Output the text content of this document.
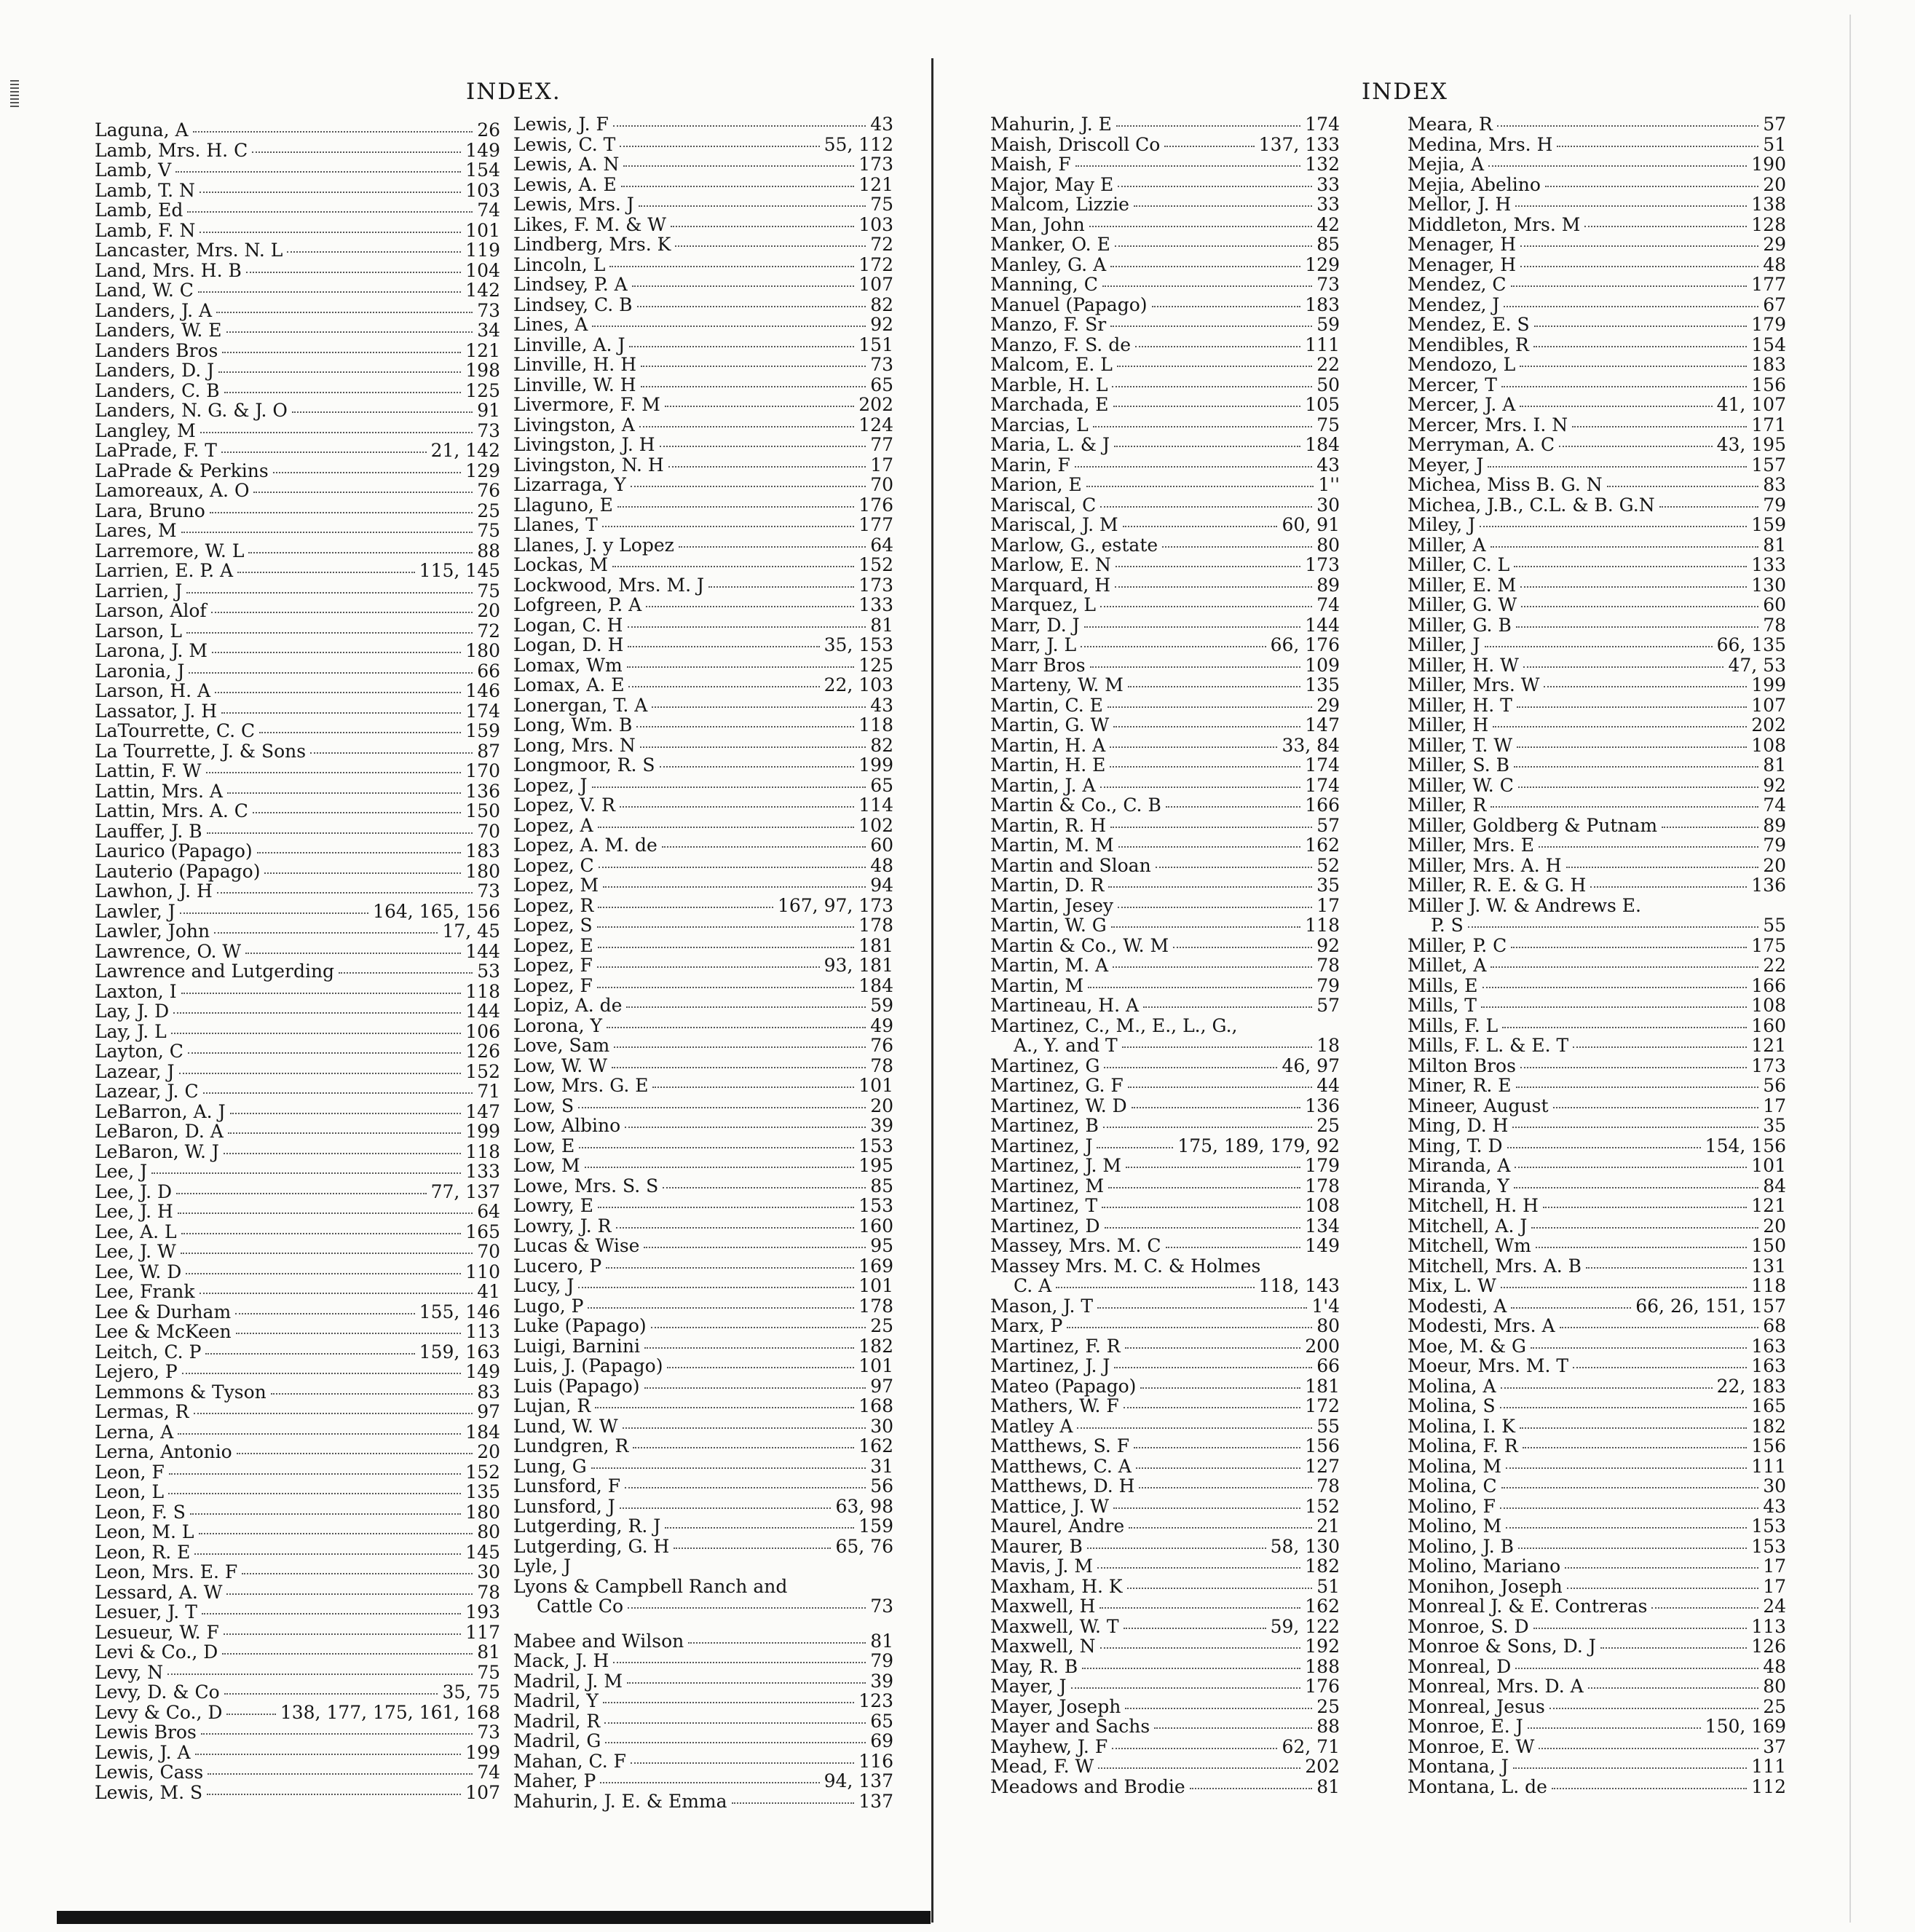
INDEX.	INDEX
Laguna, A	26
Lamb, Mrs. H. C	149
Lamb, V	154
Lamb, T. N	103
Lamb, Ed	74
Lamb, F. N	101
Lancaster, Mrs. N. L	119
Land, Mrs. H. B	104
Land, W. C	142
Landers, J. A	73
Landers, W. E	34
Landers Bros	121
Landers, D. J	198
Landers, C. B	125
Landers, N. G. & J. O	91
Langley, M	73
LaPrade, F. T	21, 142
LaPrade & Perkins	129
Lamoreaux, A. O	76
Lara, Bruno	25
Lares, M	75
Larremore, W. L	88
Larrien, E. P. A	115, 145
Larrien, J	75
Larson, Alof	20
Larson, L	72
Larona, J. M	180
Laronia, J	66
Larson, H. A	146
Lassator, J. H	174
LaTourrette, C. C	159
La Tourrette, J. & Sons	87
Lattin, F. W	170
Lattin, Mrs. A	136
Lattin, Mrs. A. C	150
Lauffer, J. B	70
Laurico (Papago)	183
Lauterio (Papago)	180
Lawhon, J. H	73
Lawler, J	164, 165, 156
Lawler, John	17, 45
Lawrence, O. W	144
Lawrence and Lutgerding	53
Laxton, I	118
Lay, J. D	144
Lay, J. L	106
Layton, C	126
Lazear, J	152
Lazear, J. C	71
LeBarron, A. J	147
LeBaron, D. A	199
LeBaron, W. J	118
Lee, J	133
Lee, J. D	77, 137
Lee, J. H	64
Lee, A. L	165
Lee, J. W	70
Lee, W. D	110
Lee, Frank	41
Lee & Durham	155, 146
Lee & McKeen	113
Leitch, C. P	159, 163
Lejero, P	149
Lemmons & Tyson	83
Lermas, R	97
Lerna, A	184
Lerna, Antonio	20
Leon, F	152
Leon, L	135
Leon, F. S	180
Leon, M. L	80
Leon, R. E	145
Leon, Mrs. E. F	30
Lessard, A. W	78
Lesuer, J. T	193
Lesueur, W. F	117
Levi & Co., D	81
Levy, N	75
Levy, D. & Co	35, 75
Levy & Co., D	138, 177, 175, 161, 168
Lewis Bros	73
Lewis, J. A	199
Lewis, Cass	74
Lewis, M. S	107
Lewis, J. F	43
Lewis, C. T	55, 112
Lewis, A. N	173
Lewis, A. E	121
Lewis, Mrs. J	75
Likes, F. M. & W	103
Lindberg, Mrs. K	72
Lincoln, L	172
Lindsey, P. A	107
Lindsey, C. B	82
Lines, A	92
Linville, A. J	151
Linville, H. H	73
Linville, W. H	65
Livermore, F. M	202
Livingston, A	124
Livingston, J. H	77
Livingston, N. H	17
Lizarraga, Y	70
Llaguno, E	176
Llanes, T	177
Llanes, J. y Lopez	64
Lockas, M	152
Lockwood, Mrs. M. J	173
Lofgreen, P. A	133
Logan, C. H	81
Logan, D. H	35, 153
Lomax, Wm	125
Lomax, A. E	22, 103
Lonergan, T. A	43
Long, Wm. B	118
Long, Mrs. N	82
Longmoor, R. S	199
Lopez, J	65
Lopez, V. R	114
Lopez, A	102
Lopez, A. M. de	60
Lopez, C	48
Lopez, M	94
Lopez, R	167, 97, 173
Lopez, S	178
Lopez, E	181
Lopez, F	93, 181
Lopez, F	184
Lopiz, A. de	59
Lorona, Y	49
Love, Sam	76
Low, W. W	78
Low, Mrs. G. E	101
Low, S	20
Low, Albino	39
Low, E	153
Low, M	195
Lowe, Mrs. S. S	85
Lowry, E	153
Lowry, J. R	160
Lucas & Wise	95
Lucero, P	169
Lucy, J	101
Lugo, P	178
Luke (Papago)	25
Luigi, Barnini	182
Luis, J. (Papago)	101
Luis (Papago)	97
Lujan, R	168
Lund, W. W	30
Lundgren, R	162
Lung, G	31
Lunsford, F	56
Lunsford, J	63, 98
Lutgerding, R. J	159
Lutgerding, G. H	65, 76
Lyle, J
Lyons & Campbell Ranch and
Cattle Co	73
Mabee and Wilson	81
Mack, J. H	79
Madril, J. M	39
Madril, Y	123
Madril, R	65
Madril, G	69
Mahan, C. F	116
Maher, P	94, 137
Mahurin, J. E. & Emma	137
Mahurin, J. E	174
Maish, Driscoll Co	137, 133
Maish, F	132
Major, May E	33
Malcom, Lizzie	33
Man, John	42
Manker, O. E	85
Manley, G. A	129
Manning, C	73
Manuel (Papago)	183
Manzo, F. Sr	59
Manzo, F. S. de	111
Malcom, E. L	22
Marble, H. L	50
Marchada, E	105
Marcias, L	75
Maria, L. & J	184
Marin, F	43
Marion, E	1''
Mariscal, C	30
Mariscal, J. M	60, 91
Marlow, G., estate	80
Marlow, E. N	173
Marquard, H	89
Marquez, L	74
Marr, D. J	144
Marr, J. L	66, 176
Marr Bros	109
Marteny, W. M	135
Martin, C. E	29
Martin, G. W	147
Martin, H. A	33, 84
Martin, H. E	174
Martin, J. A	174
Martin & Co., C. B	166
Martin, R. H	57
Martin, M. M	162
Martin and Sloan	52
Martin, D. R	35
Martin, Jesey	17
Martin, W. G	118
Martin & Co., W. M	92
Martin, M. A	78
Martin, M	79
Martineau, H. A	57
Martinez, C., M., E., L., G.,
A., Y. and T	18
Martinez, G	46, 97
Martinez, G. F	44
Martinez, W. D	136
Martinez, B	25
Martinez, J	175, 189, 179, 92
Martinez, J. M	179
Martinez, M	178
Martinez, T	108
Martinez, D	134
Massey, Mrs. M. C	149
Massey Mrs. M. C. & Holmes
C. A	118, 143
Mason, J. T	1'4
Marx, P	80
Martinez, F. R	200
Martinez, J. J	66
Mateo (Papago)	181
Mathers, W. F	172
Matley A	55
Matthews, S. F	156
Matthews, C. A	127
Matthews, D. H	78
Mattice, J. W	152
Maurel, Andre	21
Maurer, B	58, 130
Mavis, J. M	182
Maxham, H. K	51
Maxwell, H	162
Maxwell, W. T	59, 122
Maxwell, N	192
May, R. B	188
Mayer, J	176
Mayer, Joseph	25
Mayer and Sachs	88
Mayhew, J. F	62, 71
Mead, F. W	202
Meadows and Brodie	81
Meara, R	57
Medina, Mrs. H	51
Mejia, A	190
Mejia, Abelino	20
Mellor, J. H	138
Middleton, Mrs. M	128
Menager, H	29
Menager, H	48
Mendez, C	177
Mendez, J	67
Mendez, E. S	179
Mendibles, R	154
Mendozo, L	183
Mercer, T	156
Mercer, J. A	41, 107
Mercer, Mrs. I. N	171
Merryman, A. C	43, 195
Meyer, J	157
Michea, Miss B. G. N	83
Michea, J.B., C.L. & B. G.N	79
Miley, J	159
Miller, A	81
Miller, C. L	133
Miller, E. M	130
Miller, G. W	60
Miller, G. B	78
Miller, J	66, 135
Miller, H. W	47, 53
Miller, Mrs. W	199
Miller, H. T	107
Miller, H	202
Miller, T. W	108
Miller, S. B	81
Miller, W. C	92
Miller, R	74
Miller, Goldberg & Putnam	89
Miller, Mrs. E	79
Miller, Mrs. A. H	20
Miller, R. E. & G. H	136
Miller J. W. & Andrews E.
P. S	55
Miller, P. C	175
Millet, A	22
Mills, E	166
Mills, T	108
Mills, F. L	160
Mills, F. L. & E. T	121
Milton Bros	173
Miner, R. E	56
Mineer, August	17
Ming, D. H	35
Ming, T. D	154, 156
Miranda, A	101
Miranda, Y	84
Mitchell, H. H	121
Mitchell, A. J	20
Mitchell, Wm	150
Mitchell, Mrs. A. B	131
Mix, L. W	118
Modesti, A	66, 26, 151, 157
Modesti, Mrs. A	68
Moe, M. & G	163
Moeur, Mrs. M. T	163
Molina, A	22, 183
Molina, S	165
Molina, I. K	182
Molina, F. R	156
Molina, M	111
Molina, C	30
Molino, F	43
Molino, M	153
Molino, J. B	153
Molino, Mariano	17
Monihon, Joseph	17
Monreal J. & E. Contreras	24
Monroe, S. D	113
Monroe & Sons, D. J	126
Monreal, D	48
Monreal, Mrs. D. A	80
Monreal, Jesus	25
Monroe, E. J	150, 169
Monroe, E. W	37
Montana, J	111
Montana, L. de	112
